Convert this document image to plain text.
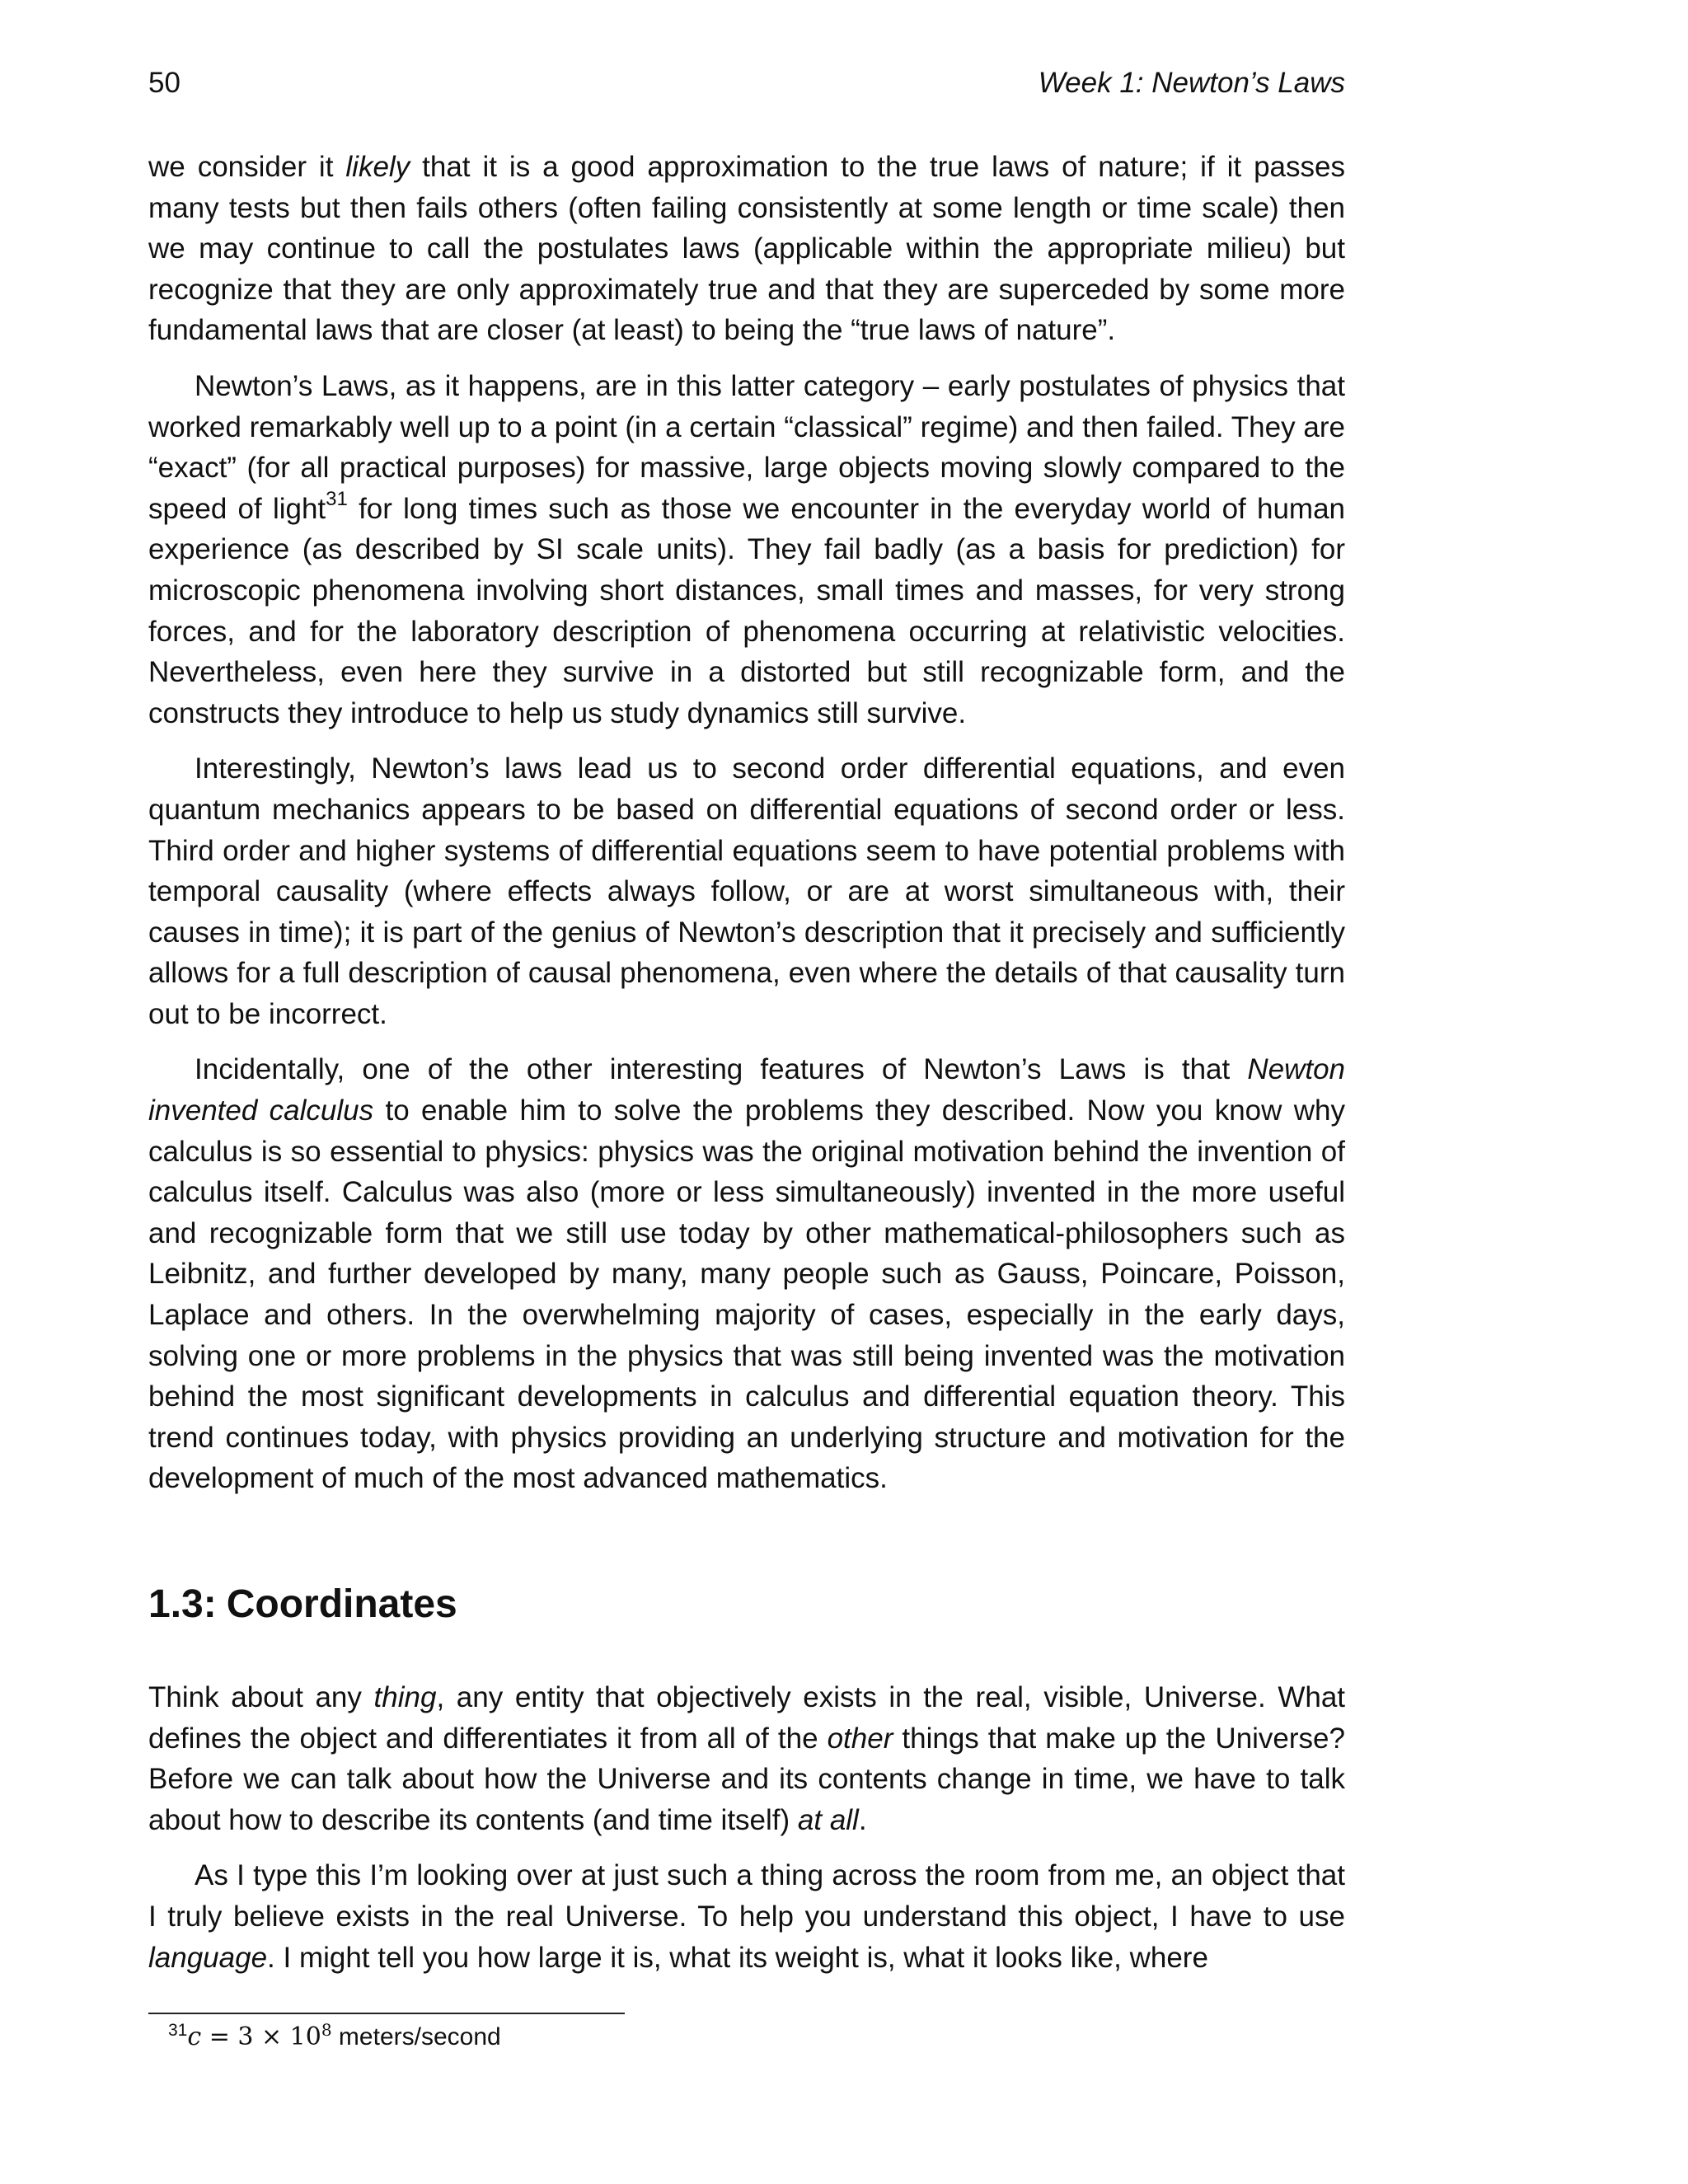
50	Week 1: Newton’s Laws

we consider it likely that it is a good approximation to the true laws of nature; if it passes many tests but then fails others (often failing consistently at some length or time scale) then we may continue to call the postulates laws (applicable within the appropriate milieu) but recognize that they are only approximately true and that they are superceded by some more fundamental laws that are closer (at least) to being the “true laws of nature”.

Newton’s Laws, as it happens, are in this latter category – early postulates of physics that worked remarkably well up to a point (in a certain “classical” regime) and then failed. They are “exact” (for all practical purposes) for massive, large objects moving slowly compared to the speed of light$^{31}$ for long times such as those we encounter in the everyday world of human experience (as described by SI scale units). They fail badly (as a basis for prediction) for microscopic phenomena involving short distances, small times and masses, for very strong forces, and for the laboratory description of phenomena occurring at relativistic velocities. Nevertheless, even here they survive in a distorted but still recognizable form, and the constructs they introduce to help us study dynamics still survive.

Interestingly, Newton’s laws lead us to second order differential equations, and even quantum mechanics appears to be based on differential equations of second order or less. Third order and higher systems of differential equations seem to have potential problems with temporal causality (where effects always follow, or are at worst simultaneous with, their causes in time); it is part of the genius of Newton’s description that it precisely and sufficiently allows for a full description of causal phenomena, even where the details of that causality turn out to be incorrect.

Incidentally, one of the other interesting features of Newton’s Laws is that Newton invented calculus to enable him to solve the problems they described. Now you know why calculus is so essential to physics: physics was the original motivation behind the invention of calculus itself. Calculus was also (more or less simultaneously) invented in the more useful and recognizable form that we still use today by other mathematical-philosophers such as Leibnitz, and further developed by many, many people such as Gauss, Poincare, Poisson, Laplace and others. In the overwhelming majority of cases, especially in the early days, solving one or more problems in the physics that was still being invented was the motivation behind the most significant developments in calculus and differential equation theory. This trend continues today, with physics providing an underlying structure and motivation for the development of much of the most advanced mathematics.

1.3: Coordinates

Think about any thing, any entity that objectively exists in the real, visible, Universe. What defines the object and differentiates it from all of the other things that make up the Universe? Before we can talk about how the Universe and its contents change in time, we have to talk about how to describe its contents (and time itself) at all.

As I type this I’m looking over at just such a thing across the room from me, an object that I truly believe exists in the real Universe. To help you understand this object, I have to use language. I might tell you how large it is, what its weight is, what it looks like, where

$^{31}c = 3 \times 10^8$ meters/second
